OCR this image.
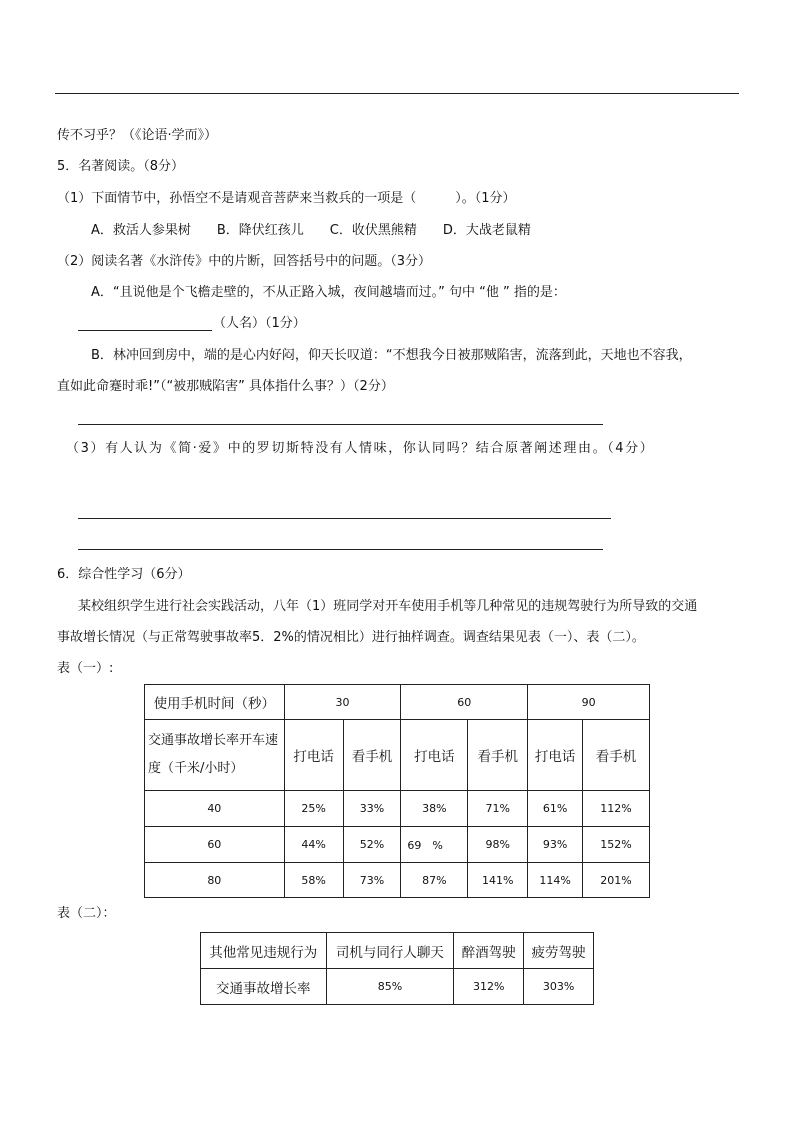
传不习乎？（《论语·学而》）
5．名著阅读。（8分）
（1）下面情节中，孙悟空不是请观音菩萨来当救兵的一项是（　　　）。（1分）
A．救活人参果树　　B．降伏红孩儿　　C．收伏黑熊精　　D．大战老鼠精
（2）阅读名著《水浒传》中的片断，回答括号中的问题。（3分）
A．“且说他是个飞檐走壁的，不从正路入城，夜间越墙而过。” 句中 “他 ” 指的是：
（人名）（1分）
B．林冲回到房中，端的是心内好闷，仰天长叹道：“不想我今日被那贼陷害，流落到此，天地也不容我，
直如此命蹇时乖!”（“被那贼陷害” 具体指什么事？）（2分）
（3）有人认为《简·爱》中的罗切斯特没有人情味，你认同吗？结合原著阐述理由。（4分）
6．综合性学习（6分）
某校组织学生进行社会实践活动，八年（1）班同学对开车使用手机等几种常见的违规驾驶行为所导致的交通
事故增长情况（与正常驾驶事故率5．2%的情况相比）进行抽样调查。调查结果见表（一）、表（二）。
表（一）:
使用手机时间（秒）	30		60		90	
交通事故增长率开车速度（千米/小时）	打电话	看手机	打电话	看手机	打电话	看手机
40	25%	33%	38%	71%	61%	112%
60	44%	52%	69　%	98%	93%	152%
80	58%	73%	87%	141%	114%	201%
表（二）：
其他常见违规行为	司机与同行人聊天	醉酒驾驶	疲劳驾驶
交通事故增长率	85%	312%	303%
